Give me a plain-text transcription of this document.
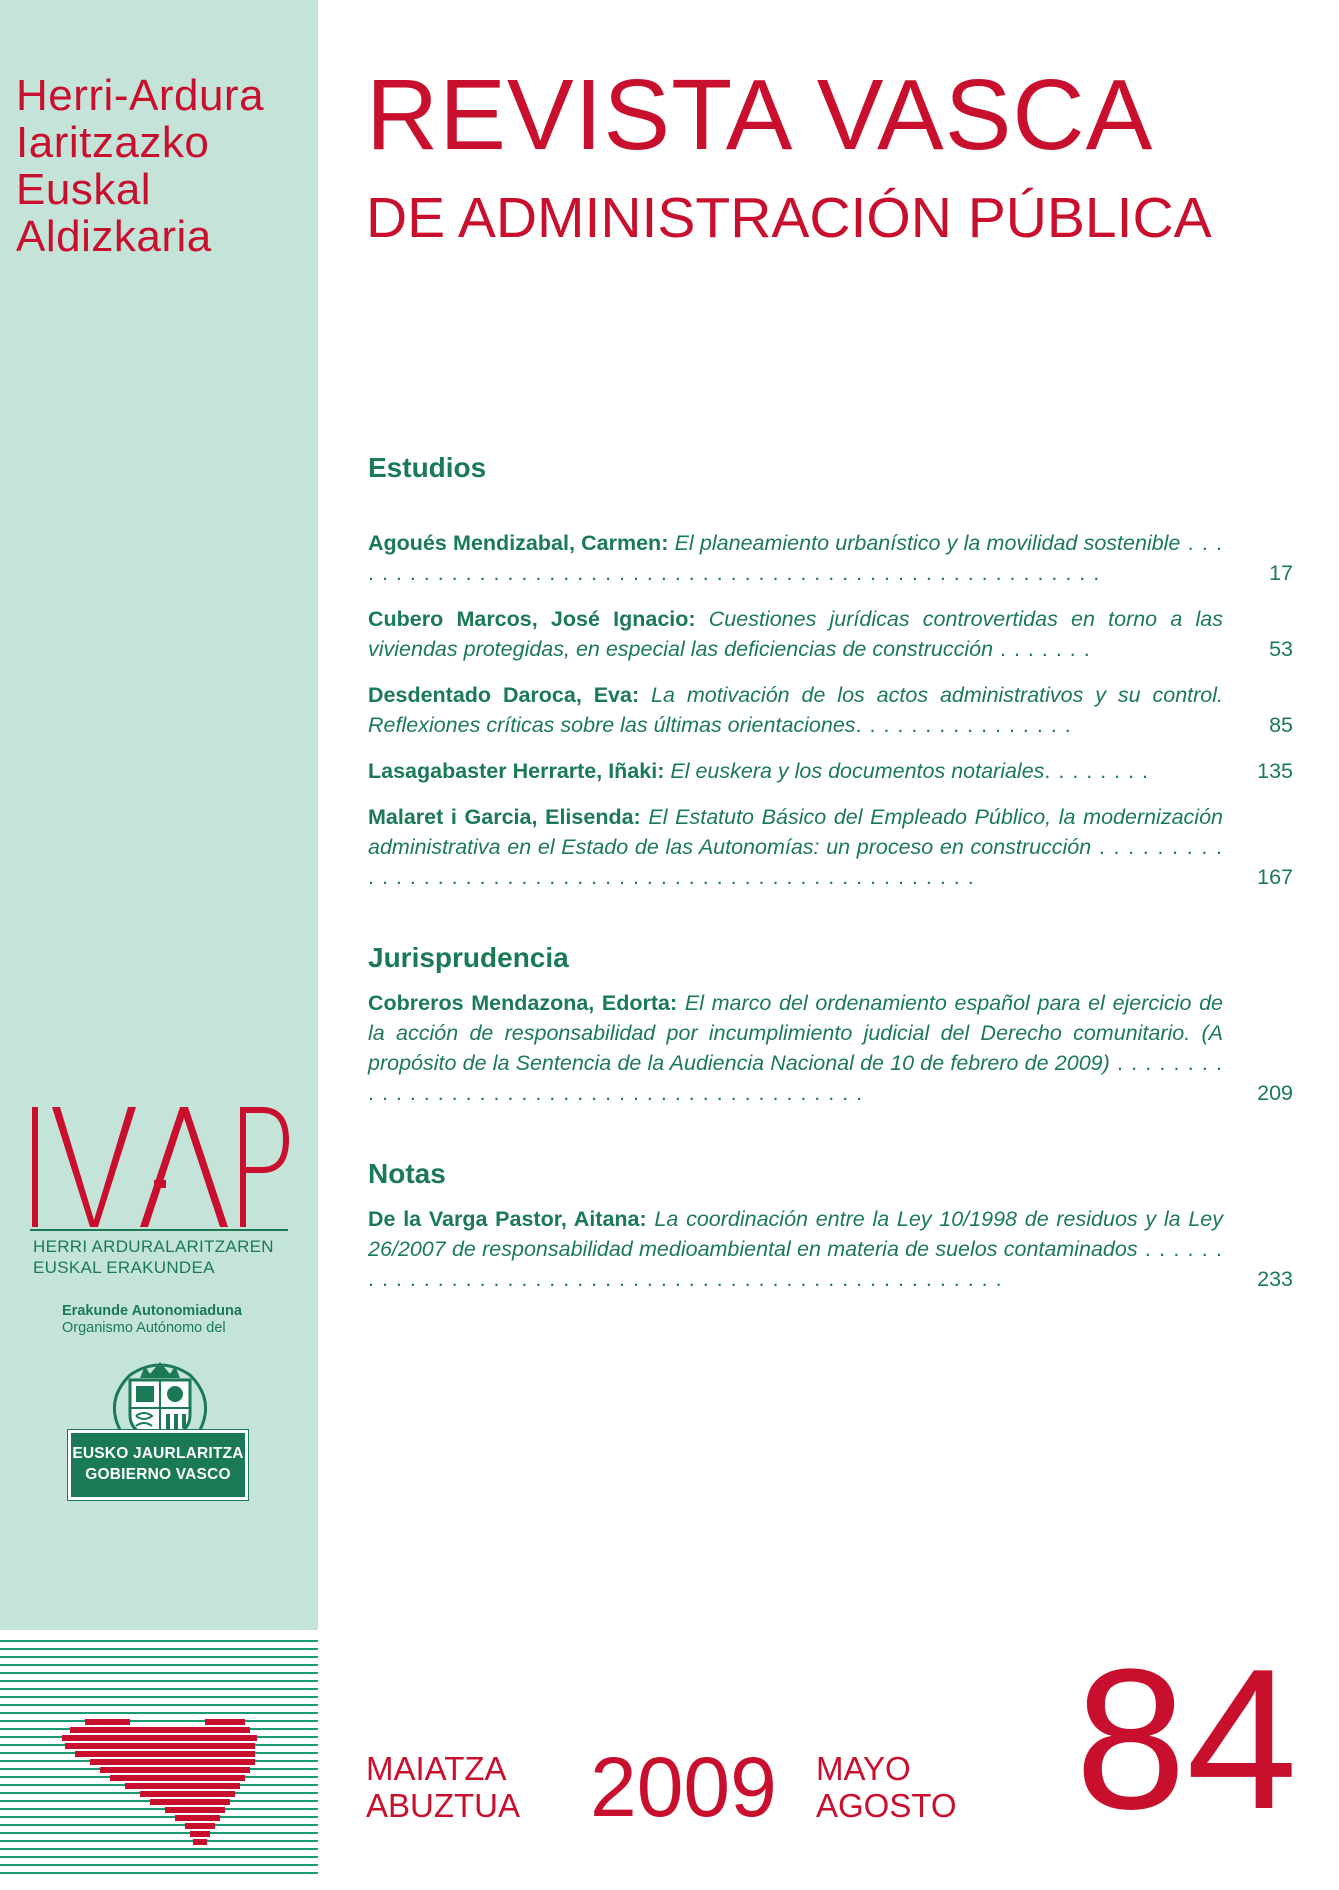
Herri-Ardura
Iaritzazko
Euskal
Aldizkaria
HERRI ARDURALARITZAREN
EUSKAL ERAKUNDEA
Erakunde Autonomiaduna
Organismo Autónomo del
EUSKO JAURLARITZA
GOBIERNO VASCO
REVISTA VASCA
DE ADMINISTRACIÓN PÚBLICA
Estudios
Agoués Mendizabal, Carmen: El planeamiento urbanístico y la movilidad sostenible . . . . . . . . . . . . . . . . . . . . . . . . . . . . . . . . . . . . . . . . . . . . . . . . . . . . . . . .	17
Cubero Marcos, José Ignacio: Cuestiones jurídicas controvertidas en torno a las viviendas protegidas, en especial las deficiencias de construcción . . . . . . .	53
Desdentado Daroca, Eva: La motivación de los actos administrativos y su control. Reflexiones críticas sobre las últimas orientaciones. . . . . . . . . . . . . . . .	85
Lasagabaster Herrarte, Iñaki: El euskera y los documentos notariales. . . . . . . .	135
Malaret i Garcia, Elisenda: El Estatuto Básico del Empleado Público, la modernización administrativa en el Estado de las Autonomías: un proceso en construcción . . . . . . . . . . . . . . . . . . . . . . . . . . . . . . . . . . . . . . . . . . . . . . . . . . . . .	167
Jurisprudencia
Cobreros Mendazona, Edorta: El marco del ordenamiento español para el ejercicio de la acción de responsabilidad por incumplimiento judicial del Derecho comunitario. (A propósito de la Sentencia de la Audiencia Nacional de 10 de febrero de 2009) . . . . . . . . . . . . . . . . . . . . . . . . . . . . . . . . . . . . . . . . . . . .	209
Notas
De la Varga Pastor, Aitana: La coordinación entre la Ley 10/1998 de residuos y la Ley 26/2007 de responsabilidad medioambiental en materia de suelos contaminados . . . . . . . . . . . . . . . . . . . . . . . . . . . . . . . . . . . . . . . . . . . . . . . . . . . .	233
MAIATZA
ABUZTUA 2009 MAYO
AGOSTO 84
